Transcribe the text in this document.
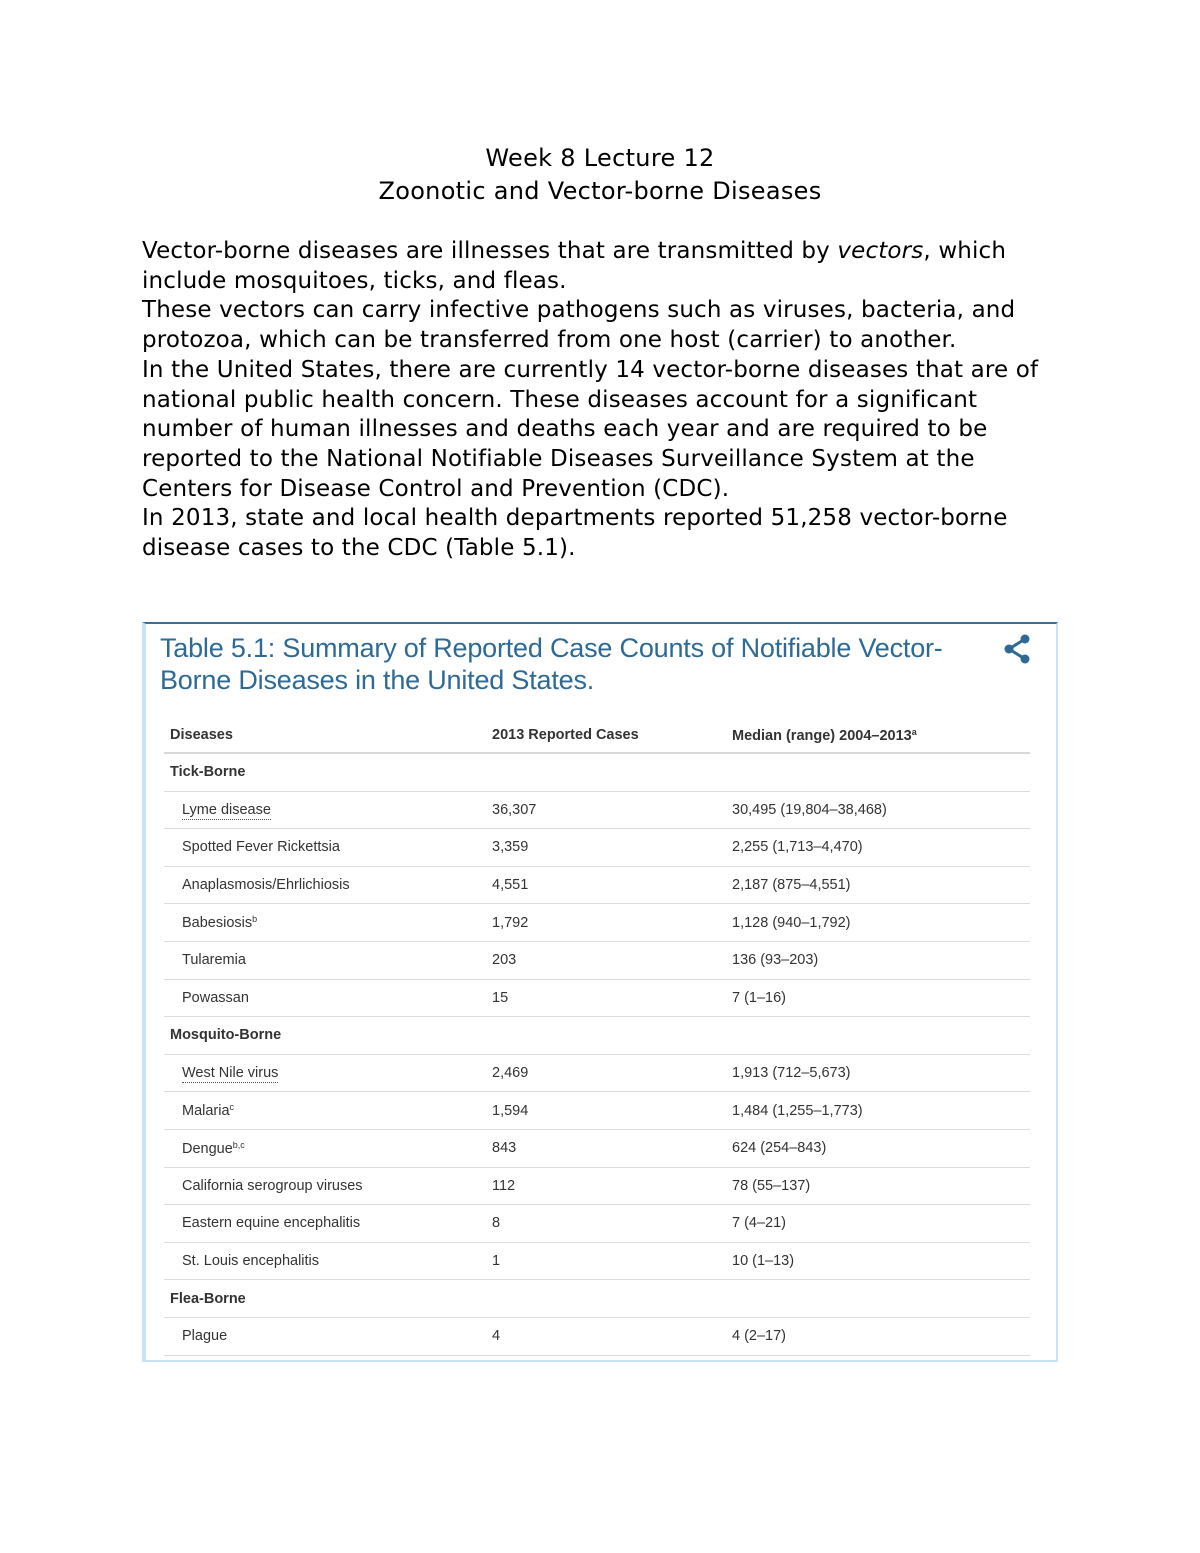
Week 8 Lecture 12
Zoonotic and Vector-borne Diseases

Vector-borne diseases are illnesses that are transmitted by vectors, which include mosquitoes, ticks, and fleas.

These vectors can carry infective pathogens such as viruses, bacteria, and protozoa, which can be transferred from one host (carrier) to another.

In the United States, there are currently 14 vector-borne diseases that are of national public health concern. These diseases account for a significant number of human illnesses and deaths each year and are required to be reported to the National Notifiable Diseases Surveillance System at the Centers for Disease Control and Prevention (CDC).

In 2013, state and local health departments reported 51,258 vector-borne disease cases to the CDC (Table 5.1).

Table 5.1: Summary of Reported Case Counts of Notifiable Vector-Borne Diseases in the United States.
Diseases	2013 Reported Cases	Median (range) 2004–2013$^a$
Tick-Borne		
Lyme disease	36,307	30,495 (19,804–38,468)
Spotted Fever Rickettsia	3,359	2,255 (1,713–4,470)
Anaplasmosis/Ehrlichiosis	4,551	2,187 (875–4,551)
Babesiosis$^b$	1,792	1,128 (940–1,792)
Tularemia	203	136 (93–203)
Powassan	15	7 (1–16)
Mosquito-Borne		
West Nile virus	2,469	1,913 (712–5,673)
Malaria$^c$	1,594	1,484 (1,255–1,773)
Dengue$^{b,c}$	843	624 (254–843)
California serogroup viruses	112	78 (55–137)
Eastern equine encephalitis	8	7 (4–21)
St. Louis encephalitis	1	10 (1–13)
Flea-Borne		
Plague	4	4 (2–17)
